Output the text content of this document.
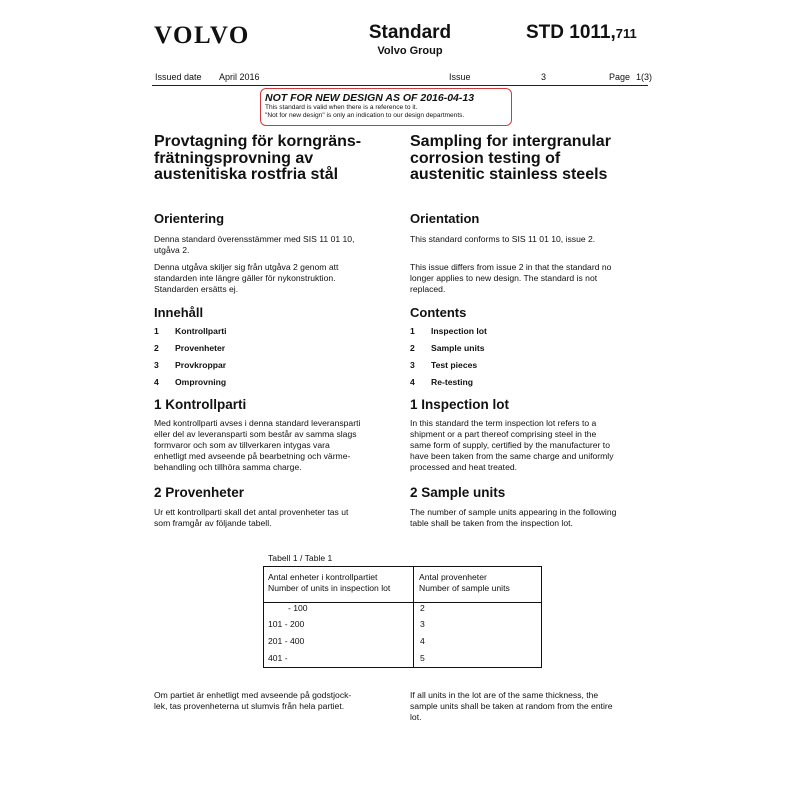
VOLVO	Standard
Volvo Group
STD 1011,711
Issued date April 2016	Issue	3	Page 1(3)
NOT FOR NEW DESIGN AS OF 2016-04-13
This standard is valid when there is a reference to it.
"Not for new design" is only an indication to our design departments.
Provtagning för korngräns-
frätningsprovning av
austenitiska rostfria stål
Orientering
Denna standard överensstämmer med SIS 11 01 10,
utgåva 2.
Denna utgåva skiljer sig från utgåva 2 genom att
standarden inte längre gäller för nykonstruktion.
Standarden ersätts ej.
Innehåll
1 Kontrollparti
2 Provenheter
3 Provkroppar
4 Omprovning
1 Kontrollparti
Med kontrollparti avses i denna standard leveransparti
eller del av leveransparti som består av samma slags
formvaror och som av tillverkaren intygas vara
enhetligt med avseende på bearbetning och värme-
behandling och tillhöra samma charge.
2 Provenheter
Ur ett kontrollparti skall det antal provenheter tas ut
som framgår av följande tabell.
Sampling for intergranular
corrosion testing of
austenitic stainless steels
Orientation
This standard conforms to SIS 11 01 10, issue 2.
This issue differs from issue 2 in that the standard no
longer applies to new design. The standard is not
replaced.
Contents
1 Inspection lot
2 Sample units
3 Test pieces
4 Re-testing
1 Inspection lot
In this standard the term inspection lot refers to a
shipment or a part thereof comprising steel in the
same form of supply, certified by the manufacturer to
have been taken from the same charge and uniformly
processed and heat treated.
2 Sample units
The number of sample units appearing in the following
table shall be taken from the inspection lot.
Tabell 1 / Table 1
Antal enheter i kontrollpartiet
Number of units in inspection lot
Antal provenheter
Number of sample units
- 100	2
101 - 200	3
201 - 400	4
401 -	5
Om partiet är enhetligt med avseende på godstjock-
lek, tas provenheterna ut slumvis från hela partiet.
If all units in the lot are of the same thickness, the
sample units shall be taken at random from the entire
lot.
